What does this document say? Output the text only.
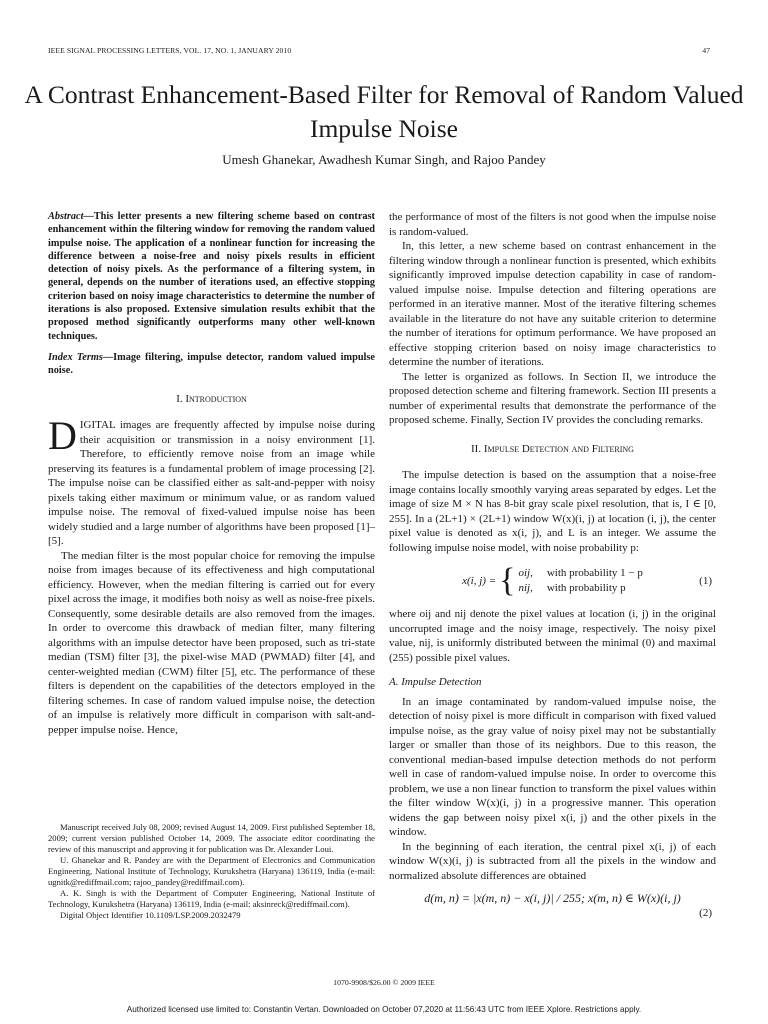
IEEE SIGNAL PROCESSING LETTERS, VOL. 17, NO. 1, JANUARY 2010	47
A Contrast Enhancement-Based Filter for Removal of Random Valued Impulse Noise
Umesh Ghanekar, Awadhesh Kumar Singh, and Rajoo Pandey

Abstract—This letter presents a new filtering scheme based on contrast enhancement within the filtering window for removing the random valued impulse noise. The application of a nonlinear function for increasing the difference between a noise-free and noisy pixels results in efficient detection of noisy pixels. As the performance of a filtering system, in general, depends on the number of iterations used, an effective stopping criterion based on noisy image characteristics to determine the number of iterations is also proposed. Extensive simulation results exhibit that the proposed method significantly outperforms many other well-known techniques.

Index Terms—Image filtering, impulse detector, random valued impulse noise.

I. Introduction

DIGITAL images are frequently affected by impulse noise during their acquisition or transmission in a noisy environment [1]. Therefore, to efficiently remove noise from an image while preserving its features is a fundamental problem of image processing [2]. The impulse noise can be classified either as salt-and-pepper with noisy pixels taking either maximum or minimum value, or as random valued impulse noise. The removal of fixed-valued impulse noise has been widely studied and a large number of algorithms have been proposed [1]–[5].

The median filter is the most popular choice for removing the impulse noise from images because of its effectiveness and high computational efficiency. However, when the median filtering is carried out for every pixel across the image, it modifies both noisy as well as noise-free pixels. Consequently, some desirable details are also removed from the images. In order to overcome this drawback of median filter, many filtering algorithms with an impulse detector have been proposed, such as tri-state median (TSM) filter [3], the pixel-wise MAD (PWMAD) filter [4], and center-weighted median (CWM) filter [5], etc. The performance of these filters is dependent on the capabilities of the detectors employed in the filtering schemes. In case of random valued impulse noise, the detection of an impulse is relatively more difficult in comparison with salt-and-pepper impulse noise. Hence,

Manuscript received July 08, 2009; revised August 14, 2009. First published September 18, 2009; current version published October 14, 2009. The associate editor coordinating the review of this manuscript and approving it for publication was Dr. Alexander Loui.

U. Ghanekar and R. Pandey are with the Department of Electronics and Communication Engineering, National Institute of Technology, Kurukshetra (Haryana) 136119, India (e-mail: ugnitk@rediffmail.com; rajoo_pandey@rediffmail.com).

A. K. Singh is with the Department of Computer Engineering, National Institute of Technology, Kurukshetra (Haryana) 136119, India (e-mail: aksinreck@rediffmail.com).

Digital Object Identifier 10.1109/LSP.2009.2032479

the performance of most of the filters is not good when the impulse noise is random-valued.

In, this letter, a new scheme based on contrast enhancement in the filtering window through a nonlinear function is presented, which exhibits significantly improved impulse detection capability in case of random-valued impulse noise. Impulse detection and filtering operations are performed in an iterative manner. Most of the iterative filtering schemes available in the literature do not have any suitable criterion to determine the number of iterations for optimum performance. We have proposed an effective stopping criterion based on noisy image characteristics to determine the number of iterations.

The letter is organized as follows. In Section II, we introduce the proposed detection scheme and filtering framework. Section III presents a number of experimental results that demonstrate the performance of the proposed scheme. Finally, Section IV provides the concluding remarks.

II. Impulse Detection and Filtering

The impulse detection is based on the assumption that a noise-free image contains locally smoothly varying areas separated by edges. Let the image of size M × N has 8-bit gray scale pixel resolution, that is, I ∈ [0, 255]. In a (2L+1) × (2L+1) window W(x)(i, j) at location (i, j), the center pixel value is denoted as x(i, j), and L is an integer. We assume the following impulse noise model, with noise probability p:

x(i, j) = { oij, with probability 1 − p
nij, with probability p
(1)

where oij and nij denote the pixel values at location (i, j) in the original uncorrupted image and the noisy image, respectively. The noisy pixel value, nij, is uniformly distributed between the minimal (0) and maximal (255) possible pixel values.

A. Impulse Detection

In an image contaminated by random-valued impulse noise, the detection of noisy pixel is more difficult in comparison with fixed valued impulse noise, as the gray value of noisy pixel may not be substantially larger or smaller than those of its neighbors. Due to this reason, the conventional median-based impulse detection methods do not perform well in case of random-valued impulse noise. In order to overcome this problem, we use a non linear function to transform the pixel values within the filter window W(x)(i, j) in a progressive manner. This operation widens the gap between noisy pixel x(i, j) and the other pixels in the window.

In the beginning of each iteration, the central pixel x(i, j) of each window W(x)(i, j) is subtracted from all the pixels in the window and normalized absolute differences are obtained

d(m, n) = |x(m, n) − x(i, j)| / 255; x(m, n) ∈ W(x)(i, j)
(2)
1070-9908/$26.00 © 2009 IEEE
Authorized licensed use limited to: Constantin Vertan. Downloaded on October 07,2020 at 11:56:43 UTC from IEEE Xplore. Restrictions apply.
